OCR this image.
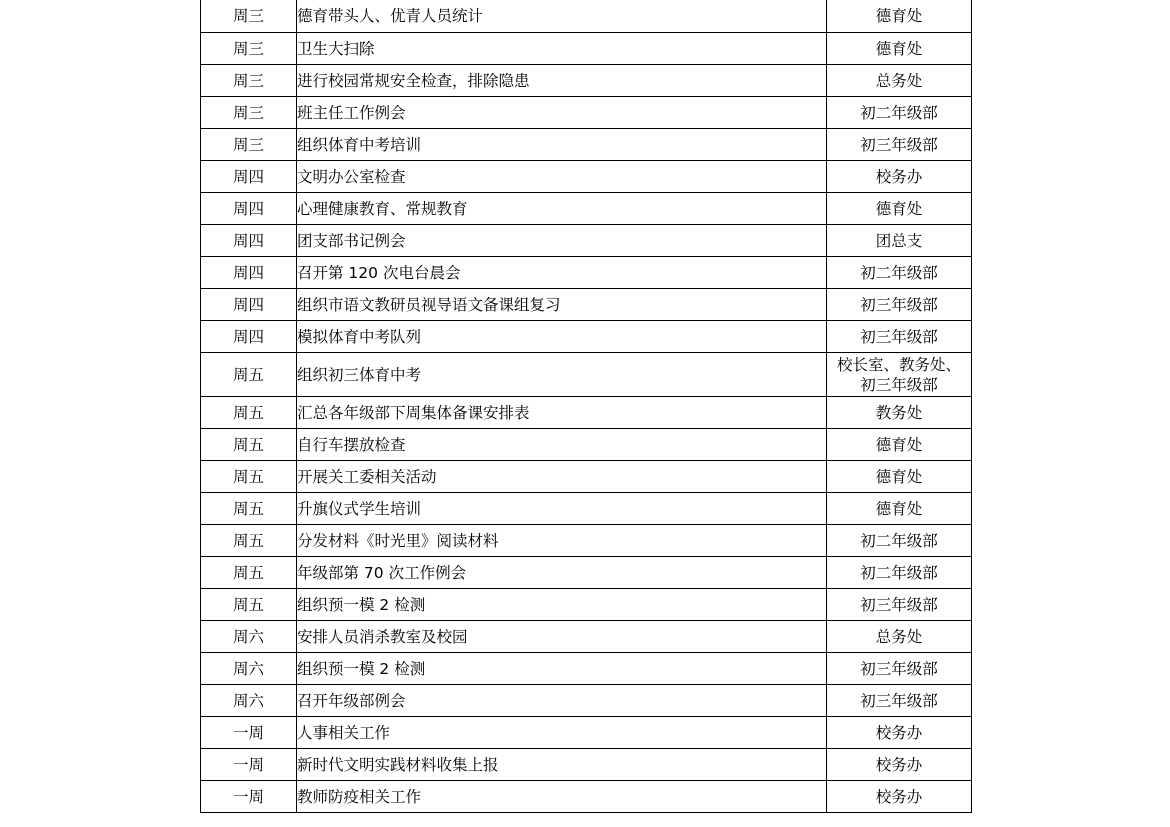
周三	德育带头人、优青人员统计	德育处

周三	卫生大扫除	德育处

周三	进行校园常规安全检查，排除隐患	总务处

周三	班主任工作例会	初二年级部

周三	组织体育中考培训	初三年级部

周四	文明办公室检查	校务办

周四	心理健康教育、常规教育	德育处

周四	团支部书记例会	团总支

周四	召开第 120 次电台晨会	初二年级部

周四	组织市语文教研员视导语文备课组复习	初三年级部

周四	模拟体育中考队列	初三年级部

周五	组织初三体育中考	校长室、教务处、
初三年级部

周五	汇总各年级部下周集体备课安排表	教务处

周五	自行车摆放检查	德育处

周五	开展关工委相关活动	德育处

周五	升旗仪式学生培训	德育处

周五	分发材料《时光里》阅读材料	初二年级部

周五	年级部第 70 次工作例会	初二年级部

周五	组织预一模 2 检测	初三年级部

周六	安排人员消杀教室及校园	总务处

周六	组织预一模 2 检测	初三年级部

周六	召开年级部例会	初三年级部

一周	人事相关工作	校务办

一周	新时代文明实践材料收集上报	校务办

一周	教师防疫相关工作	校务办
